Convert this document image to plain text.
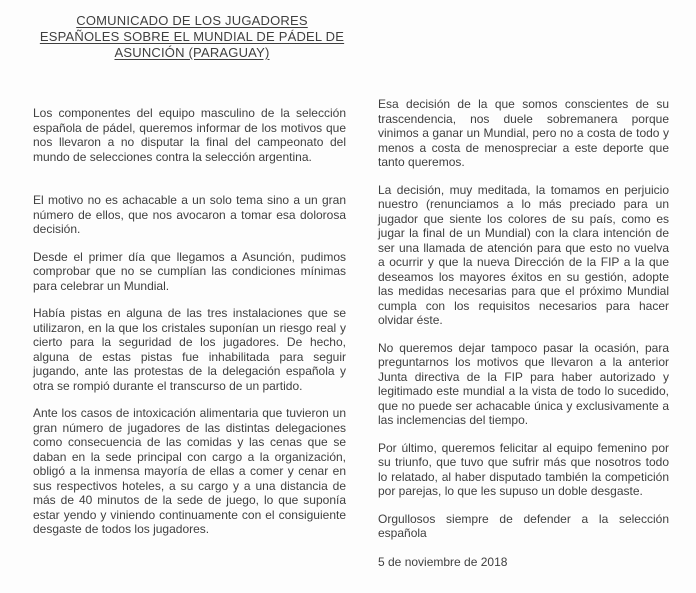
COMUNICADO DE LOS JUGADORES
ESPAÑOLES SOBRE EL MUNDIAL DE PÁDEL DE
ASUNCIÓN (PARAGUAY)

Los componentes del equipo masculino de la selección española de pádel, queremos informar de los motivos que nos llevaron a no disputar la final del campeonato del mundo de selecciones contra la selección argentina.

El motivo no es achacable a un solo tema sino a un gran número de ellos, que nos avocaron a tomar esa dolorosa decisión.

Desde el primer día que llegamos a Asunción, pudimos comprobar que no se cumplían las condiciones mínimas para celebrar un Mundial.

Había pistas en alguna de las tres instalaciones que se utilizaron, en la que los cristales suponían un riesgo real y cierto para la seguridad de los jugadores. De hecho, alguna de estas pistas fue inhabilitada para seguir jugando, ante las protestas de la delegación española y otra se rompió durante el transcurso de un partido.

Ante los casos de intoxicación alimentaria que tuvieron un gran número de jugadores de las distintas delegaciones como consecuencia de las comidas y las cenas que se daban en la sede principal con cargo a la organización, obligó a la inmensa mayoría de ellas a comer y cenar en sus respectivos hoteles, a su cargo y a una distancia de más de 40 minutos de la sede de juego, lo que suponía estar yendo y viniendo continuamente con el consiguiente desgaste de todos los jugadores.

Esa decisión de la que somos conscientes de su trascendencia, nos duele sobremanera porque vinimos a ganar un Mundial, pero no a costa de todo y menos a costa de menospreciar a este deporte que tanto queremos.

La decisión, muy meditada, la tomamos en perjuicio nuestro (renunciamos a lo más preciado para un jugador que siente los colores de su país, como es jugar la final de un Mundial) con la clara intención de ser una llamada de atención para que esto no vuelva a ocurrir y que la nueva Dirección de la FIP a la que deseamos los mayores éxitos en su gestión, adopte las medidas necesarias para que el próximo Mundial cumpla con los requisitos necesarios para hacer olvidar éste.

No queremos dejar tampoco pasar la ocasión, para preguntarnos los motivos que llevaron a la anterior Junta directiva de la FIP para haber autorizado y legitimado este mundial a la vista de todo lo sucedido, que no puede ser achacable única y exclusivamente a las inclemencias del tiempo.

Por último, queremos felicitar al equipo femenino por su triunfo, que tuvo que sufrir más que nosotros todo lo relatado, al haber disputado también la competición por parejas, lo que les supuso un doble desgaste.

Orgullosos siempre de defender a la selección española

5 de noviembre de 2018
